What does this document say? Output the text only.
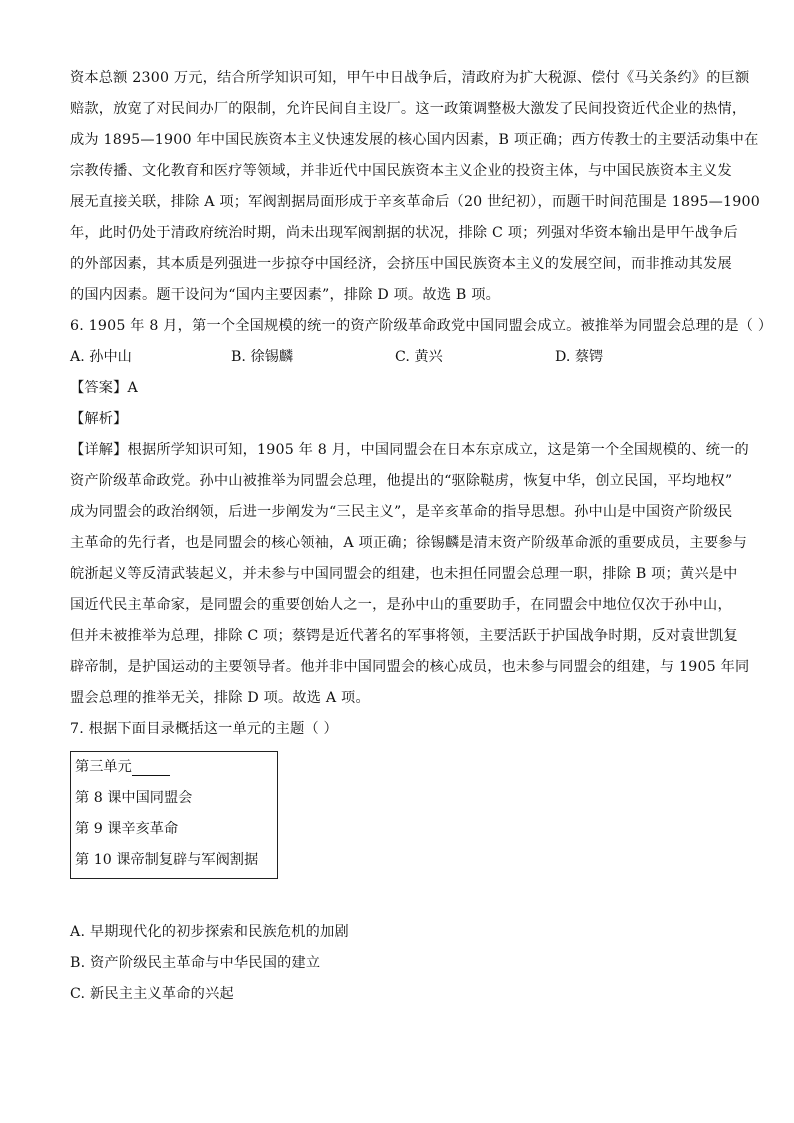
资本总额 2300 万元，结合所学知识可知，甲午中日战争后，清政府为扩大税源、偿付《马关条约》的巨额
赔款，放宽了对民间办厂的限制，允许民间自主设厂。这一政策调整极大激发了民间投资近代企业的热情，
成为 1895—1900 年中国民族资本主义快速发展的核心国内因素，B 项正确；西方传教士的主要活动集中在
宗教传播、文化教育和医疗等领域，并非近代中国民族资本主义企业的投资主体，与中国民族资本主义发
展无直接关联，排除 A 项；军阀割据局面形成于辛亥革命后（20 世纪初），而题干时间范围是 1895—1900
年，此时仍处于清政府统治时期，尚未出现军阀割据的状况，排除 C 项；列强对华资本输出是甲午战争后
的外部因素，其本质是列强进一步掠夺中国经济，会挤压中国民族资本主义的发展空间，而非推动其发展
的国内因素。题干设问为“国内主要因素”，排除 D 项。故选 B 项。
6. 1905 年 8 月，第一个全国规模的统一的资产阶级革命政党中国同盟会成立。被推举为同盟会总理的是（ ）
A. 孙中山	B. 徐锡麟	C. 黄兴	D. 蔡锷
【答案】A
【解析】
【详解】根据所学知识可知，1905 年 8 月，中国同盟会在日本东京成立，这是第一个全国规模的、统一的
资产阶级革命政党。孙中山被推举为同盟会总理，他提出的“驱除鞑虏，恢复中华，创立民国，平均地权”
成为同盟会的政治纲领，后进一步阐发为“三民主义”，是辛亥革命的指导思想。孙中山是中国资产阶级民
主革命的先行者，也是同盟会的核心领袖，A 项正确；徐锡麟是清末资产阶级革命派的重要成员，主要参与
皖浙起义等反清武装起义，并未参与中国同盟会的组建，也未担任同盟会总理一职，排除 B 项；黄兴是中
国近代民主革命家，是同盟会的重要创始人之一，是孙中山的重要助手，在同盟会中地位仅次于孙中山，
但并未被推举为总理，排除 C 项；蔡锷是近代著名的军事将领，主要活跃于护国战争时期，反对袁世凯复
辟帝制，是护国运动的主要领导者。他并非中国同盟会的核心成员，也未参与同盟会的组建，与 1905 年同
盟会总理的推举无关，排除 D 项。故选 A 项。
7. 根据下面目录概括这一单元的主题（ ）
第三单元
第 8 课中国同盟会
第 9 课辛亥革命
第 10 课帝制复辟与军阀割据
A. 早期现代化的初步探索和民族危机的加剧
B. 资产阶级民主革命与中华民国的建立
C. 新民主主义革命的兴起
